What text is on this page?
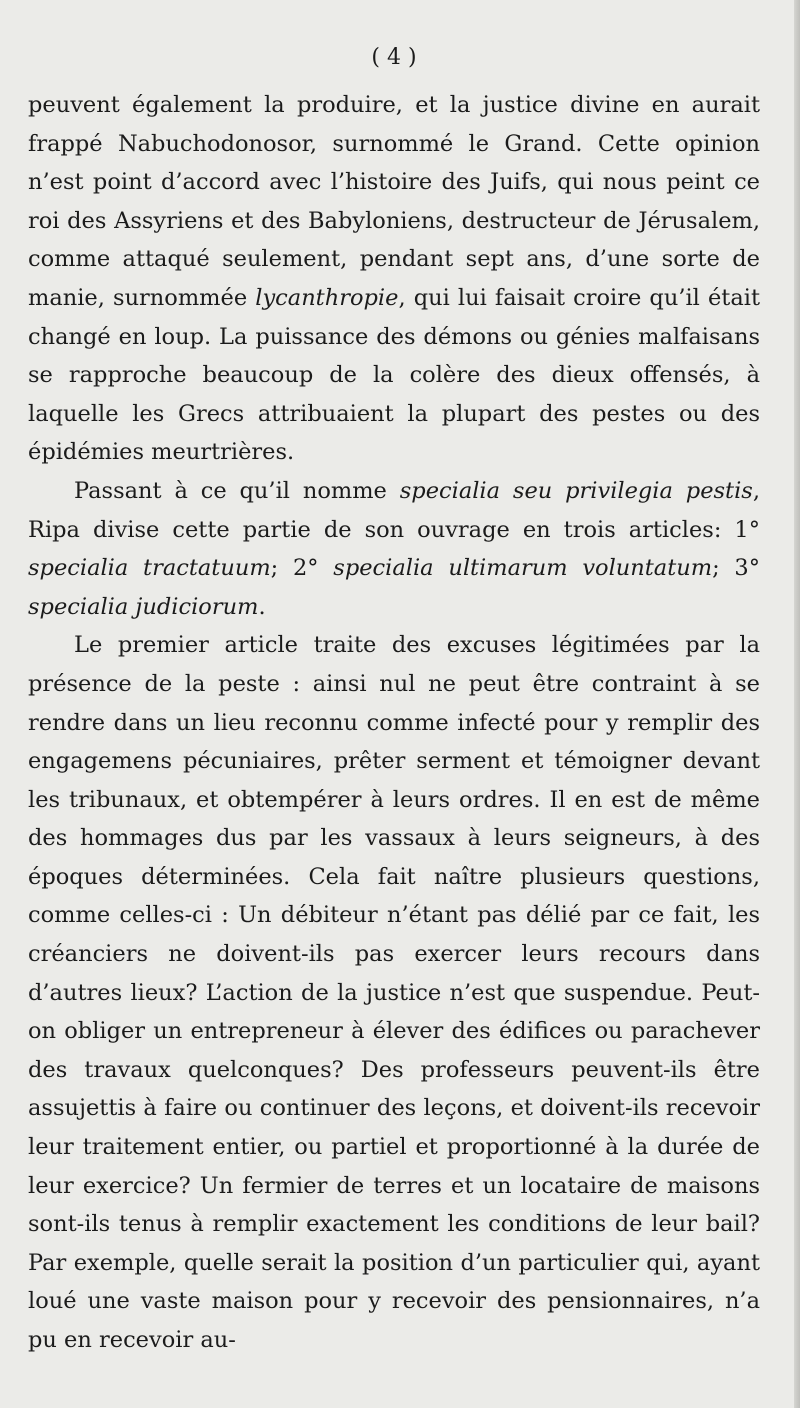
( 4 )

peuvent également la produire, et la justice divine en aurait frappé Nabuchodonosor, surnommé le Grand. Cette opinion n’est point d’accord avec l’histoire des Juifs, qui nous peint ce roi des Assyriens et des Babyloniens, destructeur de Jérusalem, comme attaqué seulement, pendant sept ans, d’une sorte de manie, surnommée lycanthropie, qui lui faisait croire qu’il était changé en loup. La puissance des démons ou génies malfaisans se rapproche beaucoup de la colère des dieux offensés, à laquelle les Grecs attribuaient la plupart des pestes ou des épidémies meurtrières.

Passant à ce qu’il nomme specialia seu privilegia pestis, Ripa divise cette partie de son ouvrage en trois articles: 1° specialia tractatuum; 2° specialia ultimarum voluntatum; 3° specialia judiciorum.

Le premier article traite des excuses légitimées par la présence de la peste : ainsi nul ne peut être contraint à se rendre dans un lieu reconnu comme infecté pour y remplir des engagemens pécuniaires, prêter serment et témoigner devant les tribunaux, et obtempérer à leurs ordres. Il en est de même des hommages dus par les vassaux à leurs seigneurs, à des époques déterminées. Cela fait naître plusieurs questions, comme celles-ci : Un débiteur n’étant pas délié par ce fait, les créanciers ne doivent-ils pas exercer leurs recours dans d’autres lieux? L’action de la justice n’est que suspendue. Peut-on obliger un entrepreneur à élever des édifices ou parachever des travaux quelconques? Des professeurs peuvent-ils être assujettis à faire ou continuer des leçons, et doivent-ils recevoir leur traitement entier, ou partiel et proportionné à la durée de leur exercice? Un fermier de terres et un locataire de maisons sont-ils tenus à remplir exactement les conditions de leur bail? Par exemple, quelle serait la position d’un particulier qui, ayant loué une vaste maison pour y recevoir des pensionnaires, n’a pu en recevoir au-
